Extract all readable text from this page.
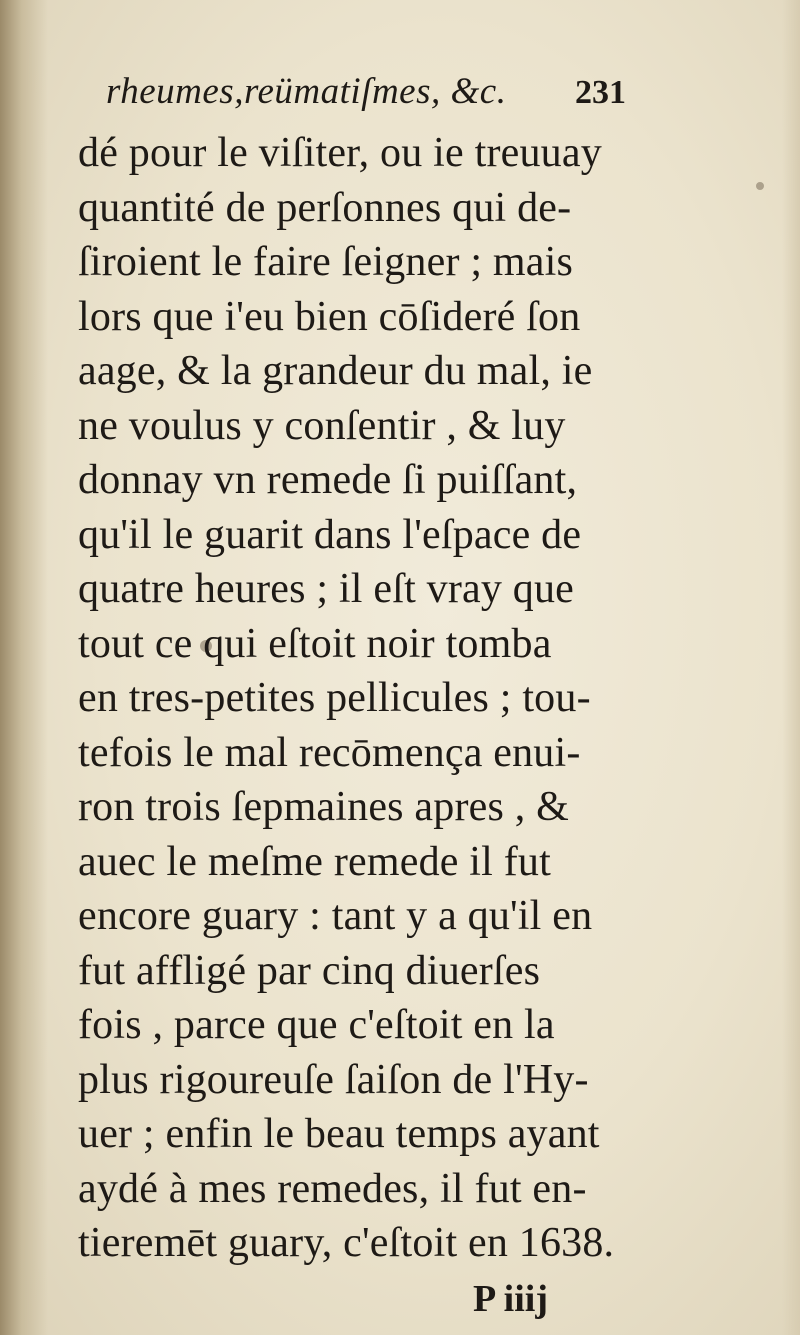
rheumes,reümatiſmes, &c. 231
dé pour le viſiter, ou ie treuuay
quantité de perſonnes qui de-
ſiroient le faire ſeigner ; mais
lors que i'eu bien cōſideré ſon
aage, & la grandeur du mal, ie
ne voulus y conſentir , & luy
donnay vn remede ſi puiſſant,
qu'il le guarit dans l'eſpace de
quatre heures ; il eſt vray que
tout ce qui eſtoit noir tomba
en tres-petites pellicules ; tou-
tefois le mal recōmença enui-
ron trois ſepmaines apres , &
auec le meſme remede il fut
encore guary : tant y a qu'il en
fut affligé par cinq diuerſes
fois , parce que c'eſtoit en la
plus rigoureuſe ſaiſon de l'Hy-
uer ; enfin le beau temps ayant
aydé à mes remedes, il fut en-
tieremēt guary, c'eſtoit en 1638.
P iiij
